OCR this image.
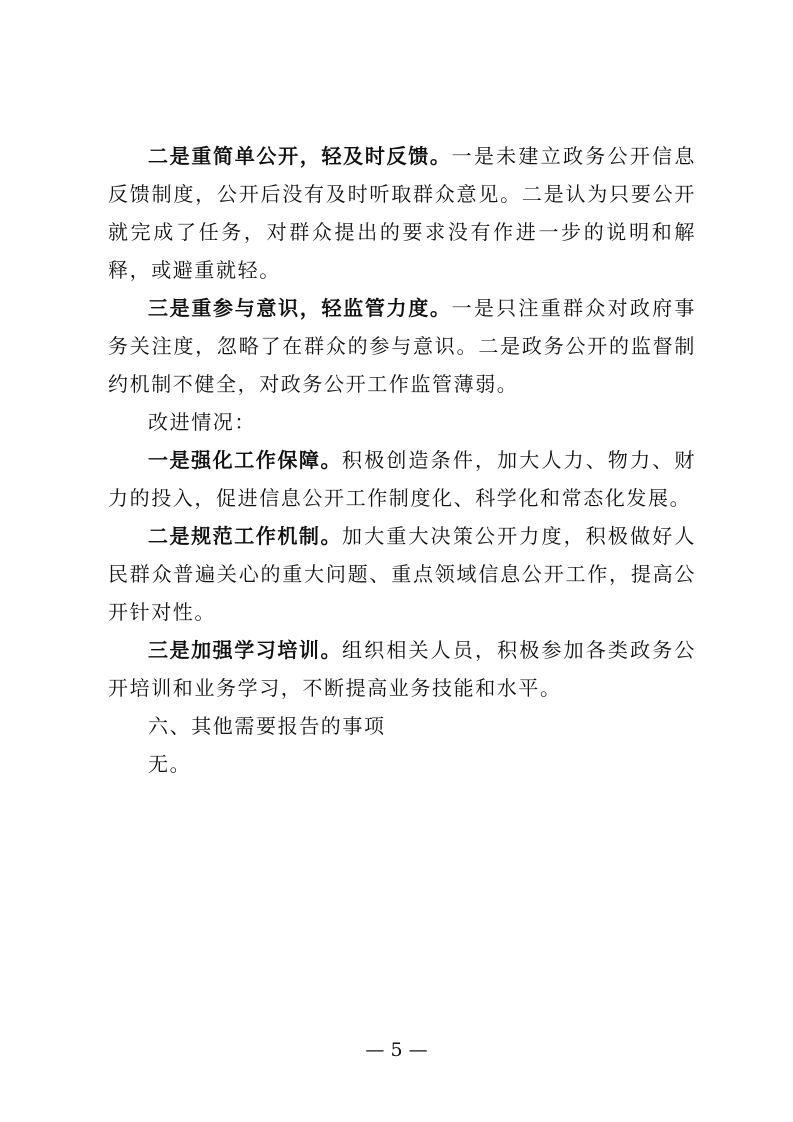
二是重简单公开，轻及时反馈。一是未建立政务公开信息反馈制度，公开后没有及时听取群众意见。二是认为只要公开就完成了任务，对群众提出的要求没有作进一步的说明和解释，或避重就轻。

三是重参与意识，轻监管力度。一是只注重群众对政府事务关注度，忽略了在群众的参与意识。二是政务公开的监督制约机制不健全，对政务公开工作监管薄弱。

改进情况：

一是强化工作保障。积极创造条件，加大人力、物力、财力的投入，促进信息公开工作制度化、科学化和常态化发展。

二是规范工作机制。加大重大决策公开力度，积极做好人民群众普遍关心的重大问题、重点领域信息公开工作，提高公开针对性。

三是加强学习培训。组织相关人员，积极参加各类政务公开培训和业务学习，不断提高业务技能和水平。

六、其他需要报告的事项

无。

— 5 —
